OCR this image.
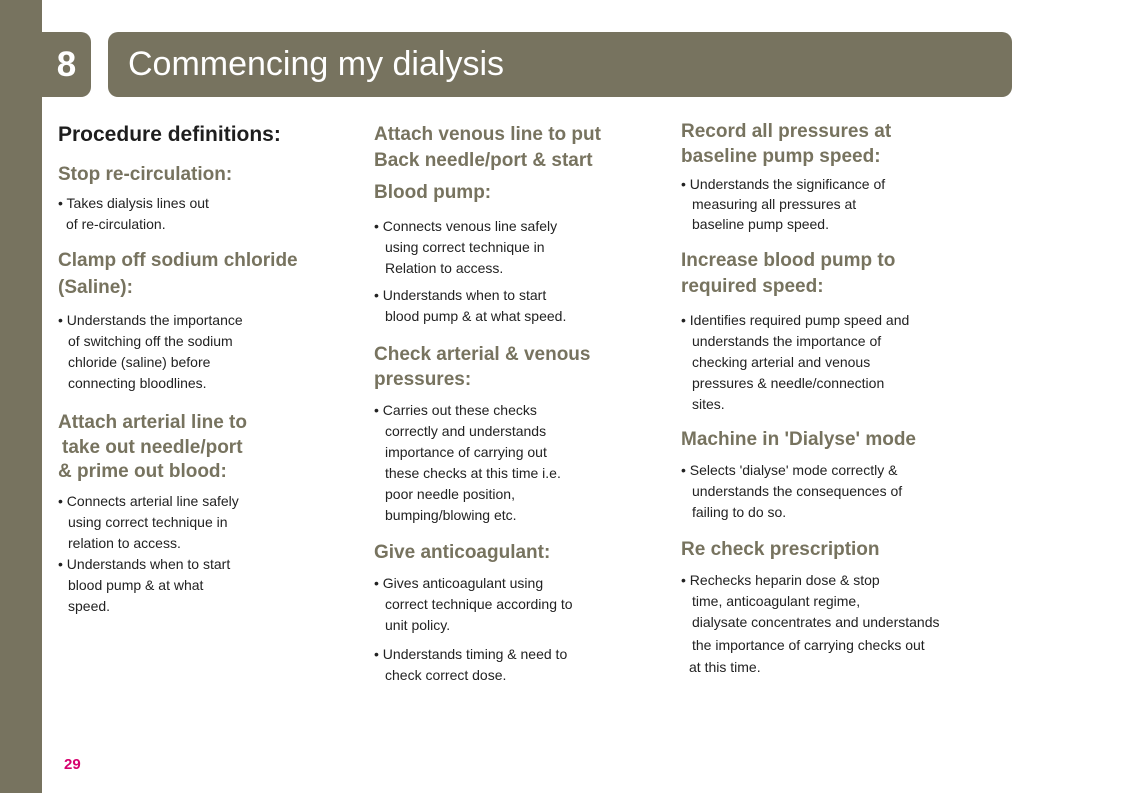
8	Commencing my dialysis
Procedure definitions:
Stop re-circulation:
• Takes dialysis lines out
of re-circulation.
Clamp off sodium chloride
(Saline):
• Understands the importance
of switching off the sodium
chloride (saline) before
connecting bloodlines.
Attach arterial line to
take out needle/port
& prime out blood:
• Connects arterial line safely
using correct technique in
relation to access.
• Understands when to start
blood pump & at what
speed.
Attach venous line to put
Back needle/port & start
Blood pump:
• Connects venous line safely
using correct technique in
Relation to access.
• Understands when to start
blood pump & at what speed.
Check arterial & venous
pressures:
• Carries out these checks
correctly and understands
importance of carrying out
these checks at this time i.e.
poor needle position,
bumping/blowing etc.
Give anticoagulant:
• Gives anticoagulant using
correct technique according to
unit policy.
• Understands timing & need to
check correct dose.
Record all pressures at
baseline pump speed:
• Understands the significance of
measuring all pressures at
baseline pump speed.
Increase blood pump to
required speed:
• Identifies required pump speed and
understands the importance of
checking arterial and venous
pressures & needle/connection
sites.
Machine in 'Dialyse' mode
• Selects 'dialyse' mode correctly &
understands the consequences of
failing to do so.
Re check prescription
• Rechecks heparin dose & stop
time, anticoagulant regime,
dialysate concentrates and understands
the importance of carrying checks out
at this time.
29
